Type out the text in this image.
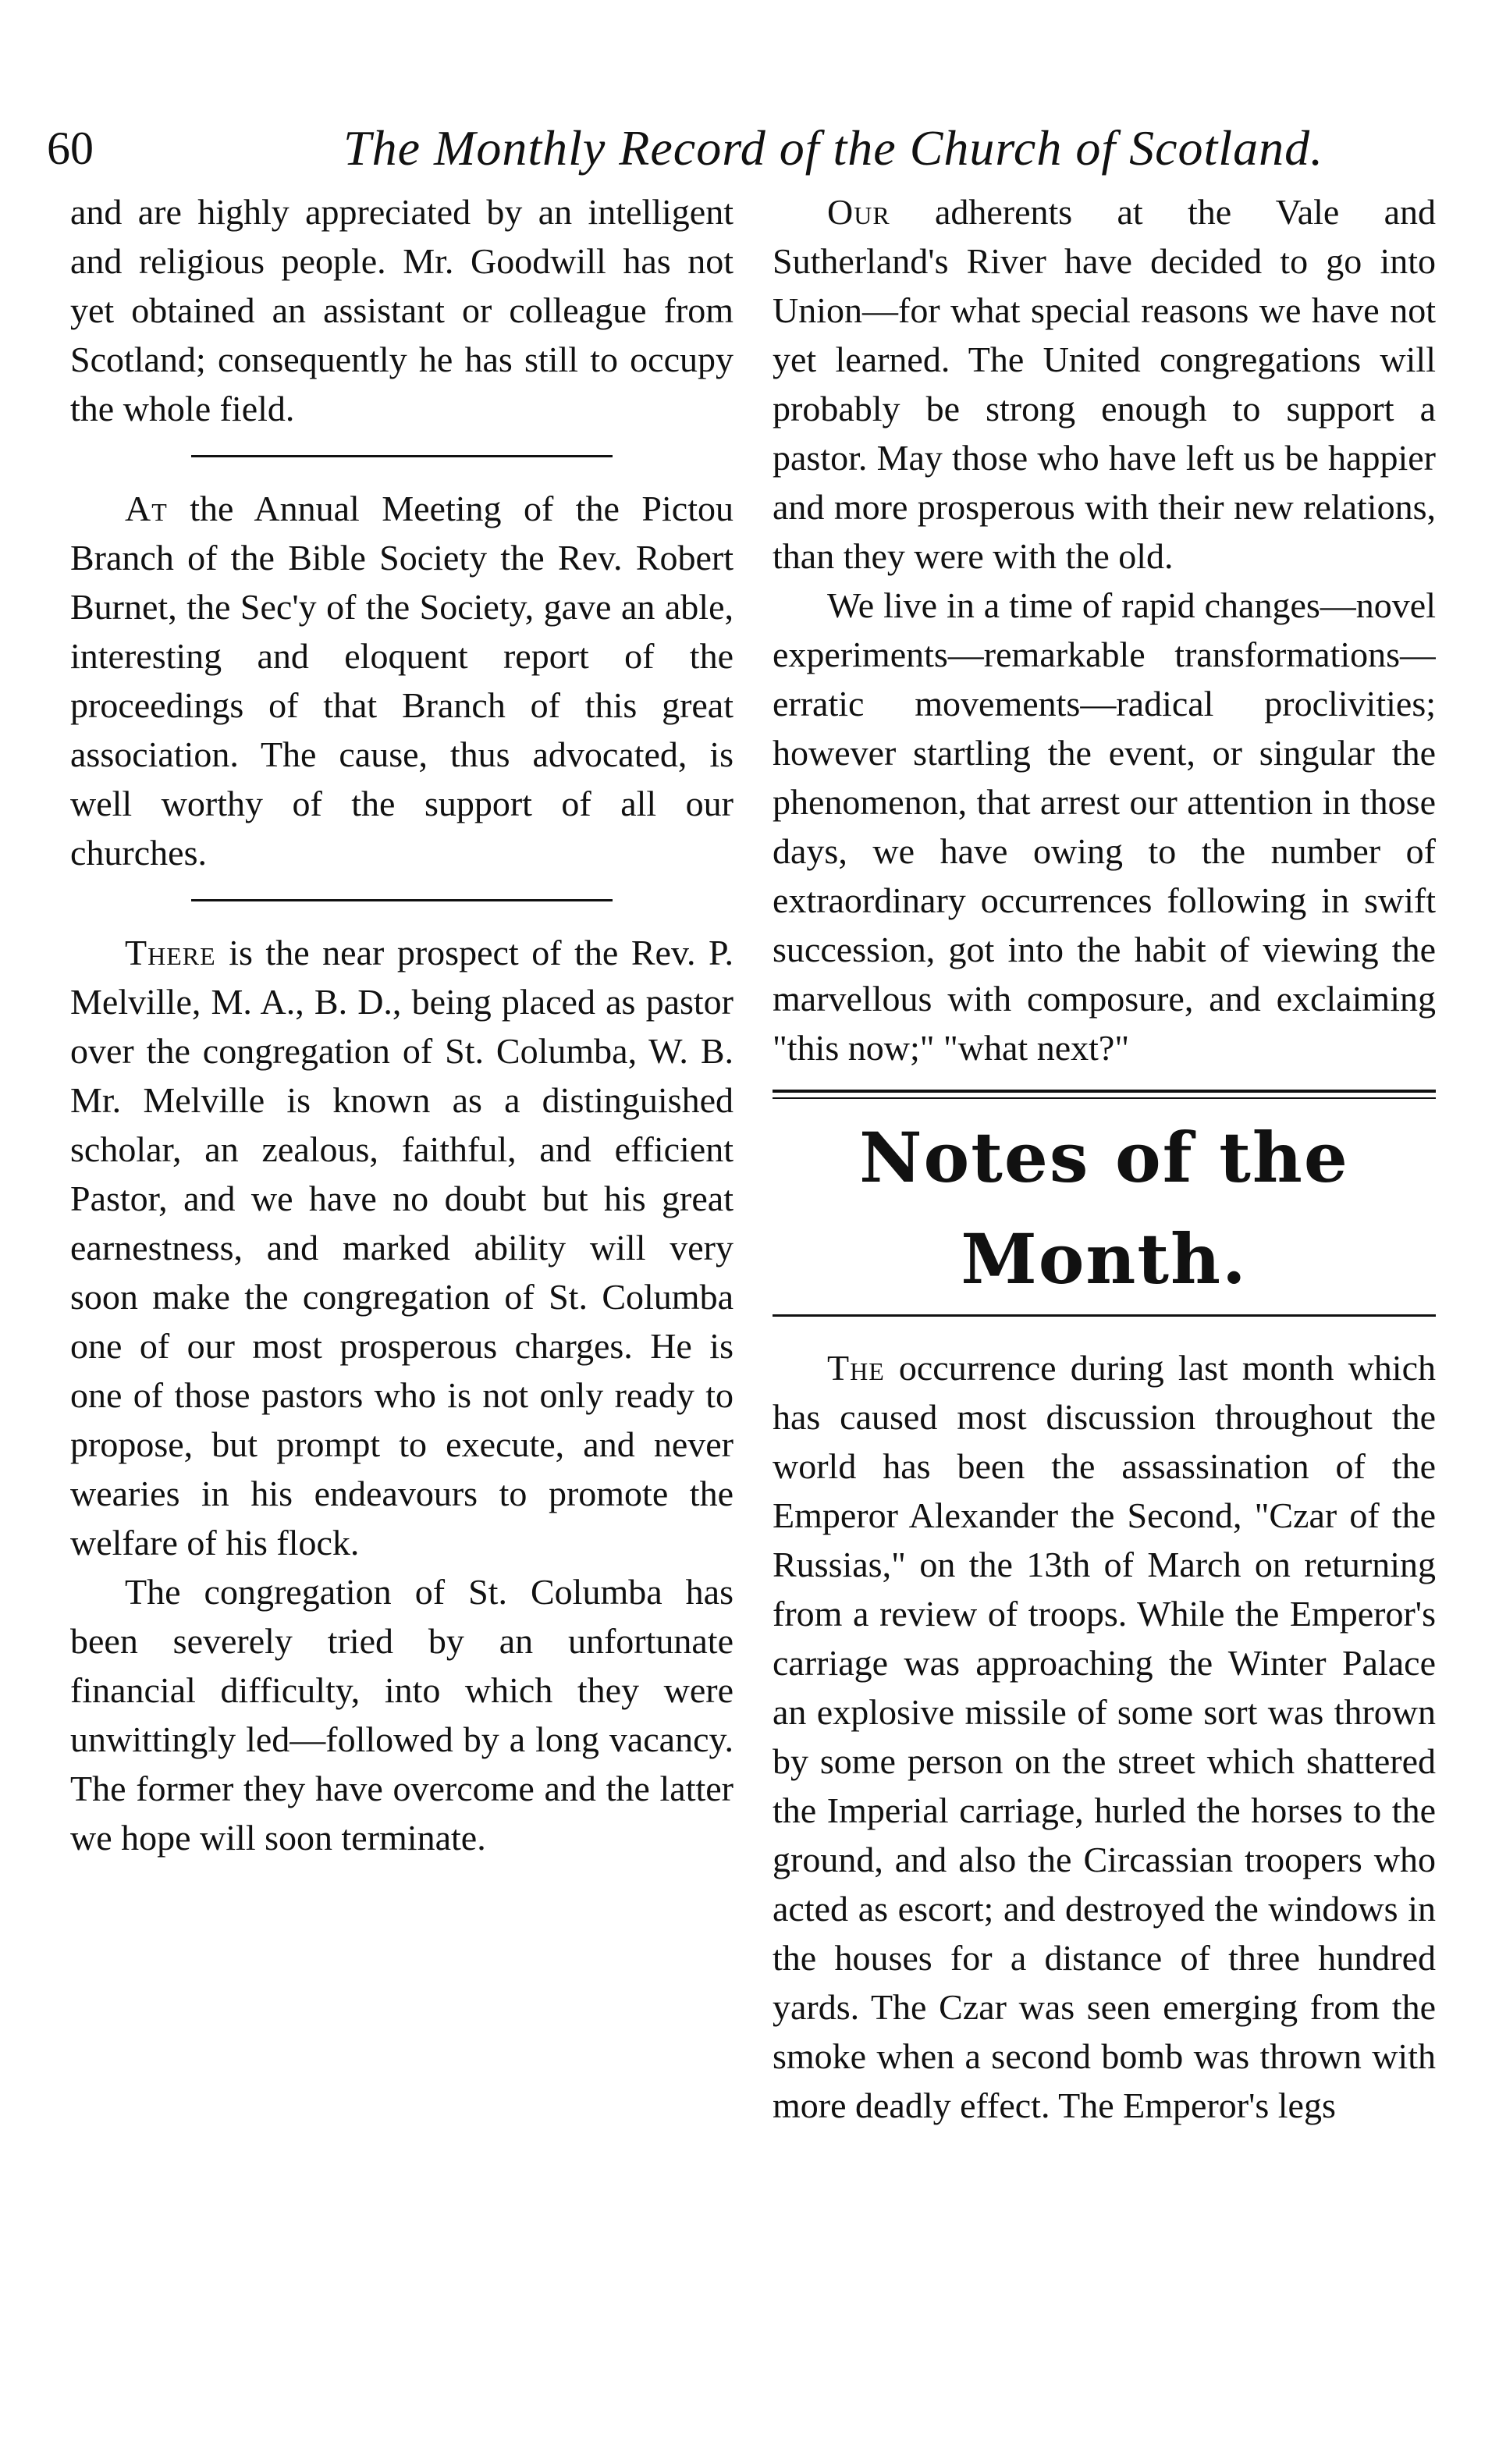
60	The Monthly Record of the Church of Scotland.

and are highly appreciated by an intelligent and religious people. Mr. Goodwill has not yet obtained an assistant or colleague from Scotland; consequently he has still to occupy the whole field.

At the Annual Meeting of the Pictou Branch of the Bible Society the Rev. Robert Burnet, the Sec'y of the Society, gave an able, interesting and eloquent report of the proceedings of that Branch of this great association. The cause, thus advocated, is well worthy of the support of all our churches.

There is the near prospect of the Rev. P. Melville, M. A., B. D., being placed as pastor over the congregation of St. Columba, W. B. Mr. Melville is known as a distinguished scholar, an zealous, faithful, and efficient Pastor, and we have no doubt but his great earnestness, and marked ability will very soon make the congregation of St. Columba one of our most prosperous charges. He is one of those pastors who is not only ready to propose, but prompt to execute, and never wearies in his endeavours to promote the welfare of his flock.

The congregation of St. Columba has been severely tried by an unfortunate financial difficulty, into which they were unwittingly led—followed by a long vacancy. The former they have overcome and the latter we hope will soon terminate.

Our adherents at the Vale and Sutherland's River have decided to go into Union—for what special reasons we have not yet learned. The United congregations will probably be strong enough to support a pastor. May those who have left us be happier and more prosperous with their new relations, than they were with the old.

We live in a time of rapid changes—novel experiments—remarkable transformations—erratic movements—radical proclivities; however startling the event, or singular the phenomenon, that arrest our attention in those days, we have owing to the number of extraordinary occurrences following in swift succession, got into the habit of viewing the marvellous with composure, and exclaiming "this now;" "what next?"

Notes of the Month.

The occurrence during last month which has caused most discussion throughout the world has been the assassination of the Emperor Alexander the Second, "Czar of the Russias," on the 13th of March on returning from a review of troops. While the Emperor's carriage was approaching the Winter Palace an explosive missile of some sort was thrown by some person on the street which shattered the Imperial carriage, hurled the horses to the ground, and also the Circassian troopers who acted as escort; and destroyed the windows in the houses for a distance of three hundred yards. The Czar was seen emerging from the smoke when a second bomb was thrown with more deadly effect. The Emperor's legs
